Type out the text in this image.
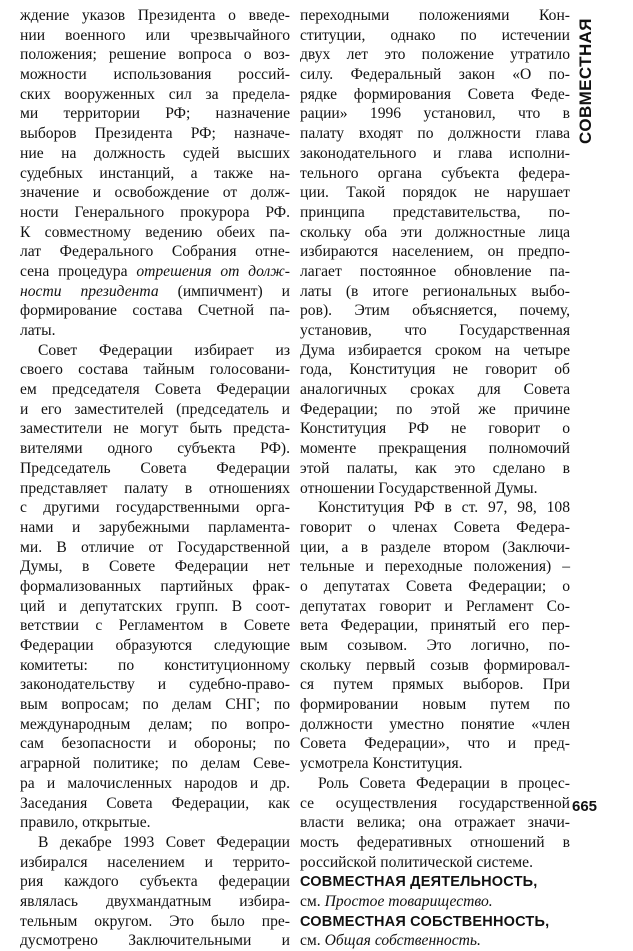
ждение указов Президента о введе-
нии военного или чрезвычайного
положения; решение вопроса о воз-
можности использования россий-
ских вооруженных сил за предела-
ми территории РФ; назначение
выборов Президента РФ; назначе-
ние на должность судей высших
судебных инстанций, а также на-
значение и освобождение от долж-
ности Генерального прокурора РФ.
К совместному ведению обеих па-
лат Федерального Собрания отне-
сена процедура отрешения от долж-
ности президента (импичмент) и
формирование состава Счетной па-
латы.
Совет Федерации избирает из
своего состава тайным голосовани-
ем председателя Совета Федерации
и его заместителей (председатель и
заместители не могут быть предста-
вителями одного субъекта РФ).
Председатель Совета Федерации
представляет палату в отношениях
с другими государственными орга-
нами и зарубежными парламента-
ми. В отличие от Государственной
Думы, в Совете Федерации нет
формализованных партийных фрак-
ций и депутатских групп. В соот-
ветствии с Регламентом в Совете
Федерации образуются следующие
комитеты: по конституционному
законодательству и судебно-право-
вым вопросам; по делам СНГ; по
международным делам; по вопро-
сам безопасности и обороны; по
аграрной политике; по делам Севе-
ра и малочисленных народов и др.
Заседания Совета Федерации, как
правило, открытые.
В декабре 1993 Совет Федерации
избирался населением и террито-
рия каждого субъекта федерации
являлась двухмандатным избира-
тельным округом. Это было пре-
дусмотрено Заключительными и
переходными положениями Кон-
ституции, однако по истечении
двух лет это положение утратило
силу. Федеральный закон «О по-
рядке формирования Совета Феде-
рации» 1996 установил, что в
палату входят по должности глава
законодательного и глава исполни-
тельного органа субъекта федера-
ции. Такой порядок не нарушает
принципа представительства, по-
скольку оба эти должностные лица
избираются населением, он предпо-
лагает постоянное обновление па-
латы (в итоге региональных выбо-
ров). Этим объясняется, почему,
установив, что Государственная
Дума избирается сроком на четыре
года, Конституция не говорит об
аналогичных сроках для Совета
Федерации; по этой же причине
Конституция РФ не говорит о
моменте прекращения полномочий
этой палаты, как это сделано в
отношении Государственной Думы.
Конституция РФ в ст. 97, 98, 108
говорит о членах Совета Федера-
ции, а в разделе втором (Заключи-
тельные и переходные положения) –
о депутатах Совета Федерации; о
депутатах говорит и Регламент Со-
вета Федерации, принятый его пер-
вым созывом. Это логично, по-
скольку первый созыв формировал-
ся путем прямых выборов. При
формировании новым путем по
должности уместно понятие «член
Совета Федерации», что и пред-
усмотрела Конституция.
Роль Совета Федерации в процес-
се осуществления государственной
власти велика; она отражает значи-
мость федеративных отношений в
российской политической системе.
СОВМЕСТНАЯ ДЕЯТЕЛЬНОСТЬ,
см. Простое товарищество.
СОВМЕСТНАЯ СОБСТВЕННОСТЬ,
см. Общая собственность.
СОВМЕСТНАЯ
665
